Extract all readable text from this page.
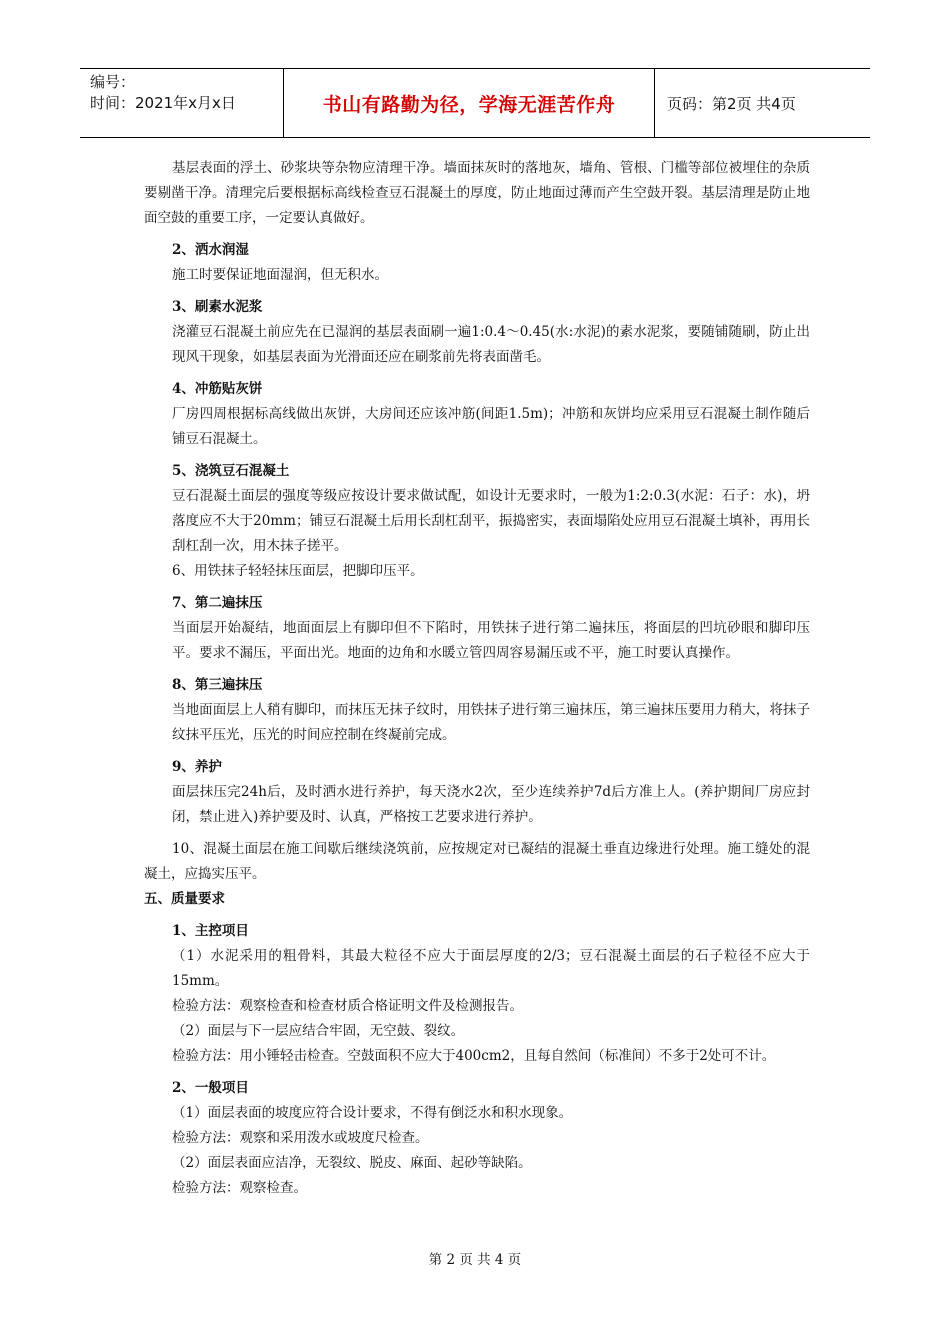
编号：
时间：2021年x月x日	书山有路勤为径，学海无涯苦作舟	页码：第2页 共4页

基层表面的浮土、砂浆块等杂物应清理干净。墙面抹灰时的落地灰，墙角、管根、门槛等部位被埋住的杂质要剔凿干净。清理完后要根据标高线检查豆石混凝土的厚度，防止地面过薄而产生空鼓开裂。基层清理是防止地面空鼓的重要工序，一定要认真做好。

2、洒水润湿

施工时要保证地面湿润，但无积水。

3、刷素水泥浆

浇灌豆石混凝土前应先在已湿润的基层表面刷一遍1:0.4～0.45(水:水泥)的素水泥浆，要随铺随刷，防止出现风干现象，如基层表面为光滑面还应在刷浆前先将表面凿毛。

4、冲筋贴灰饼

厂房四周根据标高线做出灰饼，大房间还应该冲筋(间距1.5m)；冲筋和灰饼均应采用豆石混凝土制作随后铺豆石混凝土。

5、浇筑豆石混凝土

豆石混凝土面层的强度等级应按设计要求做试配，如设计无要求时，一般为1:2:0.3(水泥：石子：水)，坍落度应不大于20mm；铺豆石混凝土后用长刮杠刮平，振捣密实，表面塌陷处应用豆石混凝土填补，再用长刮杠刮一次，用木抹子搓平。

6、用铁抹子轻轻抹压面层，把脚印压平。

7、第二遍抹压

当面层开始凝结，地面面层上有脚印但不下陷时，用铁抹子进行第二遍抹压，将面层的凹坑砂眼和脚印压平。要求不漏压，平面出光。地面的边角和水暖立管四周容易漏压或不平，施工时要认真操作。

8、第三遍抹压

当地面面层上人稍有脚印，而抹压无抹子纹时，用铁抹子进行第三遍抹压，第三遍抹压要用力稍大，将抹子纹抹平压光，压光的时间应控制在终凝前完成。

9、养护

面层抹压完24h后，及时洒水进行养护，每天浇水2次，至少连续养护7d后方准上人。(养护期间厂房应封闭，禁止进入)养护要及时、认真，严格按工艺要求进行养护。

10、混凝土面层在施工间歇后继续浇筑前，应按规定对已凝结的混凝土垂直边缘进行处理。施工缝处的混凝土，应捣实压平。

五、质量要求

1、主控项目

（1）水泥采用的粗骨料，其最大粒径不应大于面层厚度的2/3；豆石混凝土面层的石子粒径不应大于15mm。

检验方法：观察检查和检查材质合格证明文件及检测报告。

（2）面层与下一层应结合牢固，无空鼓、裂纹。

检验方法：用小锤轻击检查。空鼓面积不应大于400cm2，且每自然间（标准间）不多于2处可不计。

2、一般项目

（1）面层表面的坡度应符合设计要求，不得有倒泛水和积水现象。

检验方法：观察和采用泼水或坡度尺检查。

（2）面层表面应洁净，无裂纹、脱皮、麻面、起砂等缺陷。

检验方法：观察检查。

第 2 页 共 4 页
